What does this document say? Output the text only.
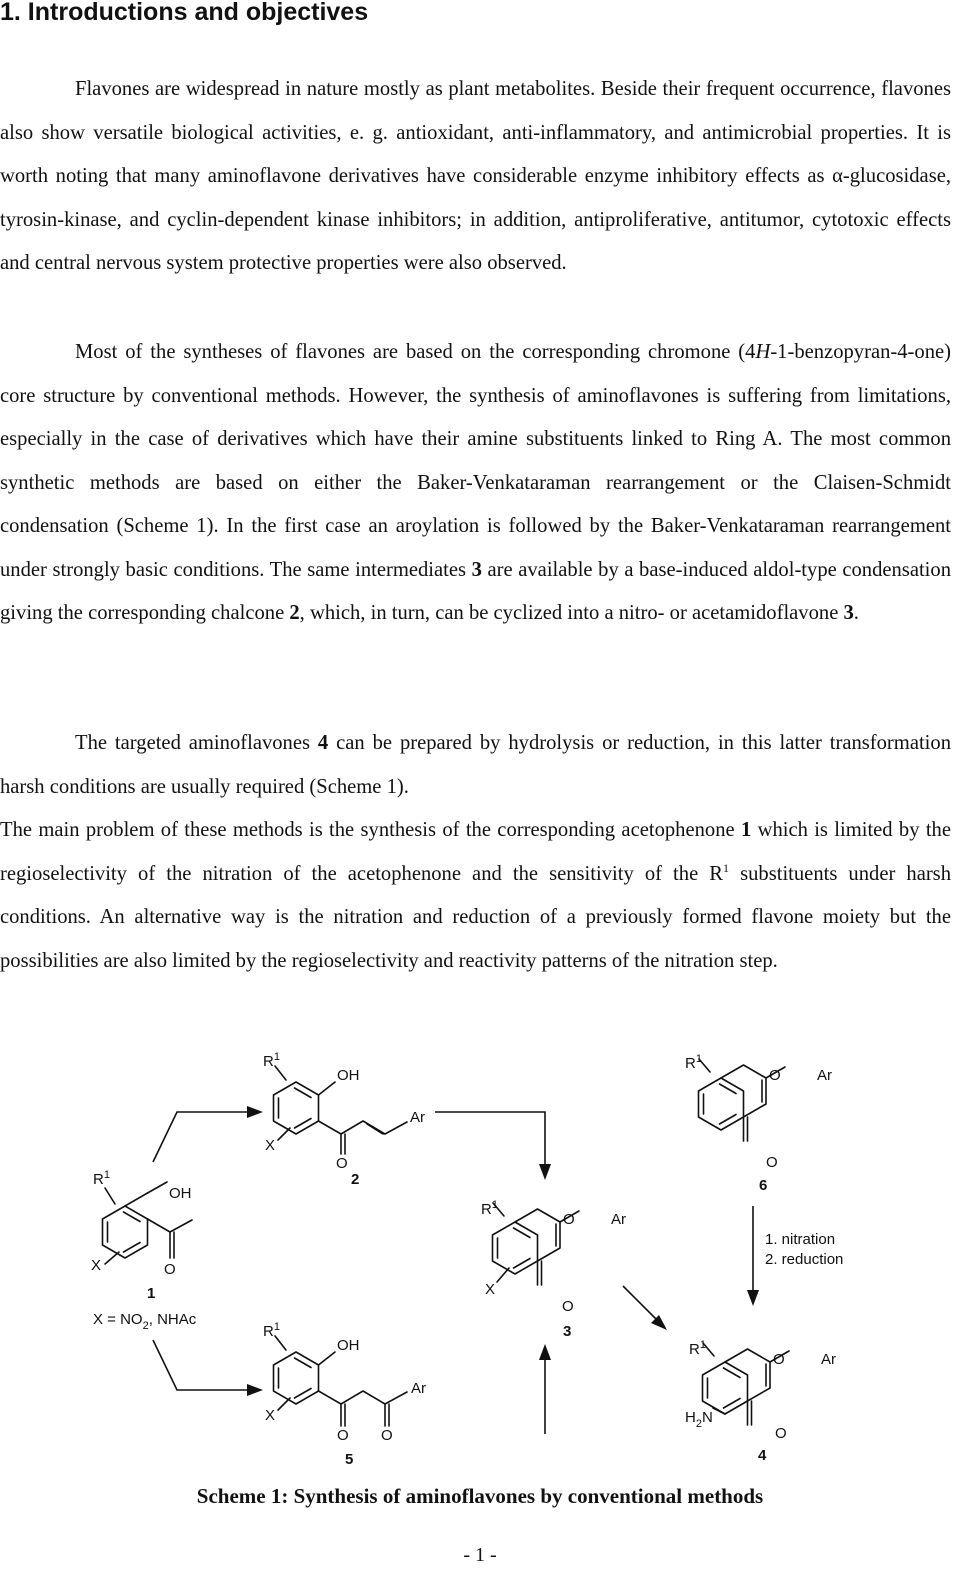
1. Introductions and objectives

Flavones are widespread in nature mostly as plant metabolites. Beside their frequent occurrence, flavones also show versatile biological activities, e. g. antioxidant, anti-inflammatory, and antimicrobial properties. It is worth noting that many aminoflavone derivatives have considerable enzyme inhibitory effects as α-glucosidase, tyrosin-kinase, and cyclin-dependent kinase inhibitors; in addition, antiproliferative, antitumor, cytotoxic effects and central nervous system protective properties were also observed.

Most of the syntheses of flavones are based on the corresponding chromone (4H-1-benzopyran-4-one) core structure by conventional methods. However, the synthesis of aminoflavones is suffering from limitations, especially in the case of derivatives which have their amine substituents linked to Ring A. The most common synthetic methods are based on either the Baker-Venkataraman rearrangement or the Claisen-Schmidt condensation (Scheme 1). In the first case an aroylation is followed by the Baker-Venkataraman rearrangement under strongly basic conditions. The same intermediates 3 are available by a base-induced aldol-type condensation giving the corresponding chalcone 2, which, in turn, can be cyclized into a nitro- or acetamidoflavone 3.

The targeted aminoflavones 4 can be prepared by hydrolysis or reduction, in this latter transformation harsh conditions are usually required (Scheme 1).

The main problem of these methods is the synthesis of the corresponding acetophenone 1 which is limited by the regioselectivity of the nitration of the acetophenone and the sensitivity of the $R^1$ substituents under harsh conditions. An alternative way is the nitration and reduction of a previously formed flavone moiety but the possibilities are also limited by the regioselectivity and reactivity patterns of the nitration step.

$R^1$
OH
X	O
1
$X = NO_2$, NHAc
$R^1$
OH
Ar
X
O
2
$R^1$
OH
Ar
X
O O
5
$R^1$
O Ar
X
O
3
$R^1$
O Ar
O
6
$R^1$
O Ar
$H_2N$
O
4
1. nitration
2. reduction

Scheme 1: Synthesis of aminoflavones by conventional methods

- 1 -
